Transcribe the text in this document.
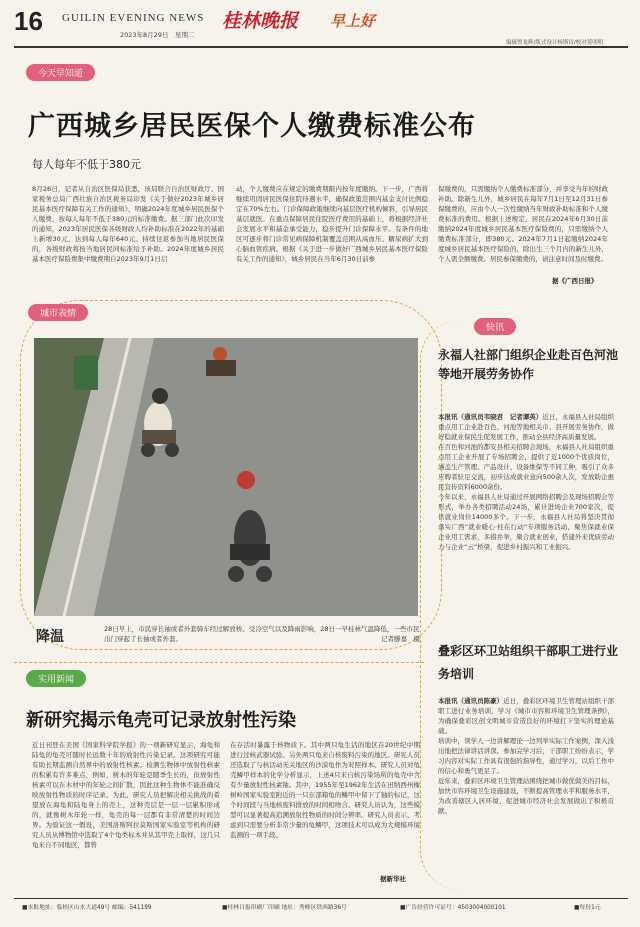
16 GUILIN EVENING NEWS
2023年8月29日　星期二
桂林晚报 早上好
编辑曾龙辉/版式设计杨斯诗/校对黄明明
今天早知道
广西城乡居民医保个人缴费标准公布
每人每年不低于380元
8月26日，记者从自治区医保局获悉，该局联合自治区财政厅、国家税务总局广西壮族自治区税务局印发《关于做好2023年城乡居民基本医疗保障有关工作的通知》，明确2024年度城乡居民医保个人缴费，按每人每年不低于380元的标准缴费。据三部门此次印发的通知，2023年居民医保各级财政人均补助标准在2022年的基础上新增30元，达到每人每年640元。持续往返参加当地居民医保的，各级财政将按当地居民同标准给予补助。2024年度城乡居民基本医疗保险费集中缴费期自2023年9月1日启
动，个人缴费应在规定的缴费期限内按年度缴纳。下一步，广西将继续巩固居民医保住院待遇水平，确保政策范围内基金支付比例稳定在70%左右。门诊保障政策继续向基层医疗机构倾斜，引导居民基层就医。在重点保障居民住院医疗费用的基础上，将根据经济社会发展水平和基金承受能力，稳步提升门诊保障水平。有条件的地区可逐步将门诊常见病保障机制覆盖范围从高血压、糖尿病扩大到心脑血管疾病。根据《关于进一步做好广西城乡居民基本医疗保险有关工作的通知》，城乡居民在当年6月30日前参
保缴费的，只需缴纳个人缴费标准部分，并享受当年的财政补助。除新生儿外，城乡居民在每年7月1日至12月31日参保缴费的，应由个人一次性缴纳当年财政补助标准和个人缴费标准的费用。根据上述规定，居民在2024年6月30日前缴纳2024年度城乡居民基本医疗保险费的，只需缴纳个人缴费标准部分，即380元。2024年7月1日起缴纳2024年度城乡居民基本医疗保险的，除出生三个月内的新生儿外，个人需全额缴费。居民参保缴费的，请注意时间及时缴费。
据《广西日报》
城市表情
降温	28日早上，市民穿长袖或者外套骑车经过解放桥。受冷空气以及降雨影响，28日一早桂林气温降低，一些市民出门穿起了长袖或者外套。	记者滕嘉　摄
快讯
永福人社部门组织企业赴百色河池等地开展劳务协作
本报讯（通讯员韦晓君　记者谭英）近日，永福县人社局组织重点用工企业赴百色、河池等地相关市、县开展劳务协作，做好稳就业保民生促发展工作，推动全县经济高质量发展。
在百色和河池的都安县相关招聘会现场，永福县人社局组织重点用工企业开展了专场招聘会，提供了近1000个优质岗位，涵盖生产管理、产品设计、设备维保等不同工种，吸引了众多应聘者驻足交流，初步达成就业意向500余人次，发放助企惠民宣传资料6000余份。
今年以来，永福县人社局通过开展网络招聘会及现场招聘会等形式，举办各类招聘活动24场，累计进场企业700家次，提供就业岗位14000多个。下一步，永福县人社局将坚决贯彻落实广西“就业暖心·桂在行动”专项服务活动，聚焦保就业保企业用工需求，多措并举，聚合就业创业，搭建外来优质劳动力与企业“云”桥梁，促进乡村振兴和工业振兴。
叠彩区环卫站组织干部职工进行业务培训
本报讯（通讯员陈豪）近日，叠彩区环境卫生管理站组织干部职工进行业务培训，学习《城市市容和环境卫生管理条例》，为确保叠彩区创文明城市营造良好的环境打下坚实的理论基础。
培训中，领学人一边讲解理论一边列举实际工作案例，深入浅出地把法律讲活讲深。参加完学习后，干部职工纷纷表示，学习内容对实际工作具有很强的指导性，通过学习，以后工作中的信心和勇气更足了。
近年来，叠彩区环境卫生管理站围绕把城市做优做美的目标，加快市容环境卫生设施建设，不断提高管理水平和服务水平，为改善辖区人居环境、促进城市经济社会发展做出了积极贡献。
实用新闻
新研究揭示龟壳可记录放射性污染
近日刊登在美国《国家科学院学报》的一项新研究显示，海龟和陆龟的龟壳可随时长远数十年的放射性污染记录。这项研究可能有助长期监测自然界中的放射性核素。检测生物体中放射性核素的积累有许多难点，例如，树木的年轮是随季生长的，但放射性核素可以在木材中的年轮之间扩散，因此这种生物体不能准确反映放射性物质的时序记录。为此，研究人员把解决相关挑战的希望放在海龟和陆龟身上的壳上，这种壳层是一层一层累积形成的，就像树木年轮一样，龟壳的每一层都有非常清楚的时间边界。为验证这一假设，美国洛斯阿拉莫斯国家实验室等机构的研究人员从博物馆中选取了4个龟类标本并从其甲壳上取样，这几只龟来自不同地区，都曾
在存活时暴露于核物质下。其中两只龟生活的地区在20世纪中期进行过核武器试验。另外两只龟来自核废料污染的地区。研究人员还选取了与核活动无关地区的沙漠龟作为对照样本。研究人员对龟壳鳞甲样本的化学分析显示，上述4只来自核污染场所的龟壳中含有少量放射性核素铀。其中，1955年至1962年生活在田纳西州橡树岭国家实验室附近的一只东部箱龟的鳞甲中留下了铀的标记，这个时间段与当地核废料排放的时间相吻合。研究人员认为，这些模型可以显著提高追溯放射性物质的时间分辨率。研究人员表示，考虑到只需要分析非常少量的龟鳞甲，这项技术可以成为大规模环境监测的一项手段。
据新华社
■本报地址：临桂区山水大道49号 邮编：541199	■桂林日报印刷厂印刷 地址：秀峰区铁西路36号	■广告经营许可证号：4503004000101	■每份1元
